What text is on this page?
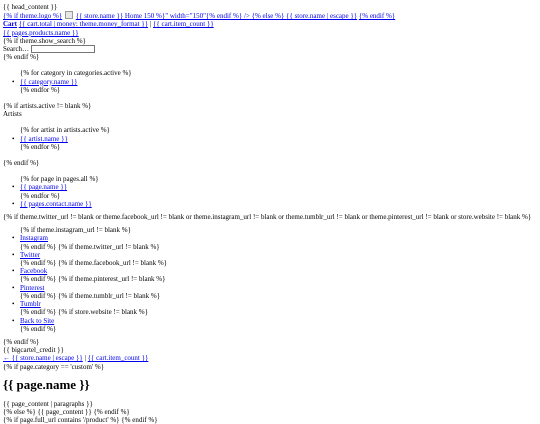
{{ head_content }}
{% if theme.logo %} {{ store.name }} Home 150 %}" width="150"{% endif %} /> {% else %} {{ store.name | escape }} {% endif %}
Cart {{ cart.total | money: theme.money_format }} | {{ cart.item_count }}
{{ pages.products.name }}
{% if theme.show_search %}
Search…
{% endif %}
{% for category in categories.active %}
• {{ category.name }}
{% endfor %}
{% if artists.active != blank %}
Artists
{% for artist in artists.active %}
• {{ artist.name }}
{% endfor %}
{% endif %}
{% for page in pages.all %}
• {{ page.name }}
{% endfor %}
• {{ pages.contact.name }}
{% if theme.twitter_url != blank or theme.facebook_url != blank or theme.instagram_url != blank or theme.tumblr_url != blank or theme.pinterest_url != blank or store.website != blank %}
{% if theme.instagram_url != blank %}
• Instagram
{% endif %} {% if theme.twitter_url != blank %}
• Twitter
{% endif %} {% if theme.facebook_url != blank %}
• Facebook
{% endif %} {% if theme.pinterest_url != blank %}
• Pinterest
{% endif %} {% if theme.tumblr_url != blank %}
• Tumblr
{% endif %} {% if store.website != blank %}
• Back to Site
{% endif %}
{% endif %}
{{ bigcartel_credit }}
← {{ store.name | escape }} | {{ cart.item_count }}
{% if page.category == 'custom' %}
{{ page.name }}
{{ page_content | paragraphs }}
{% else %} {{ page_content }} {% endif %}
{% if page.full_url contains '/product' %} {% endif %}
